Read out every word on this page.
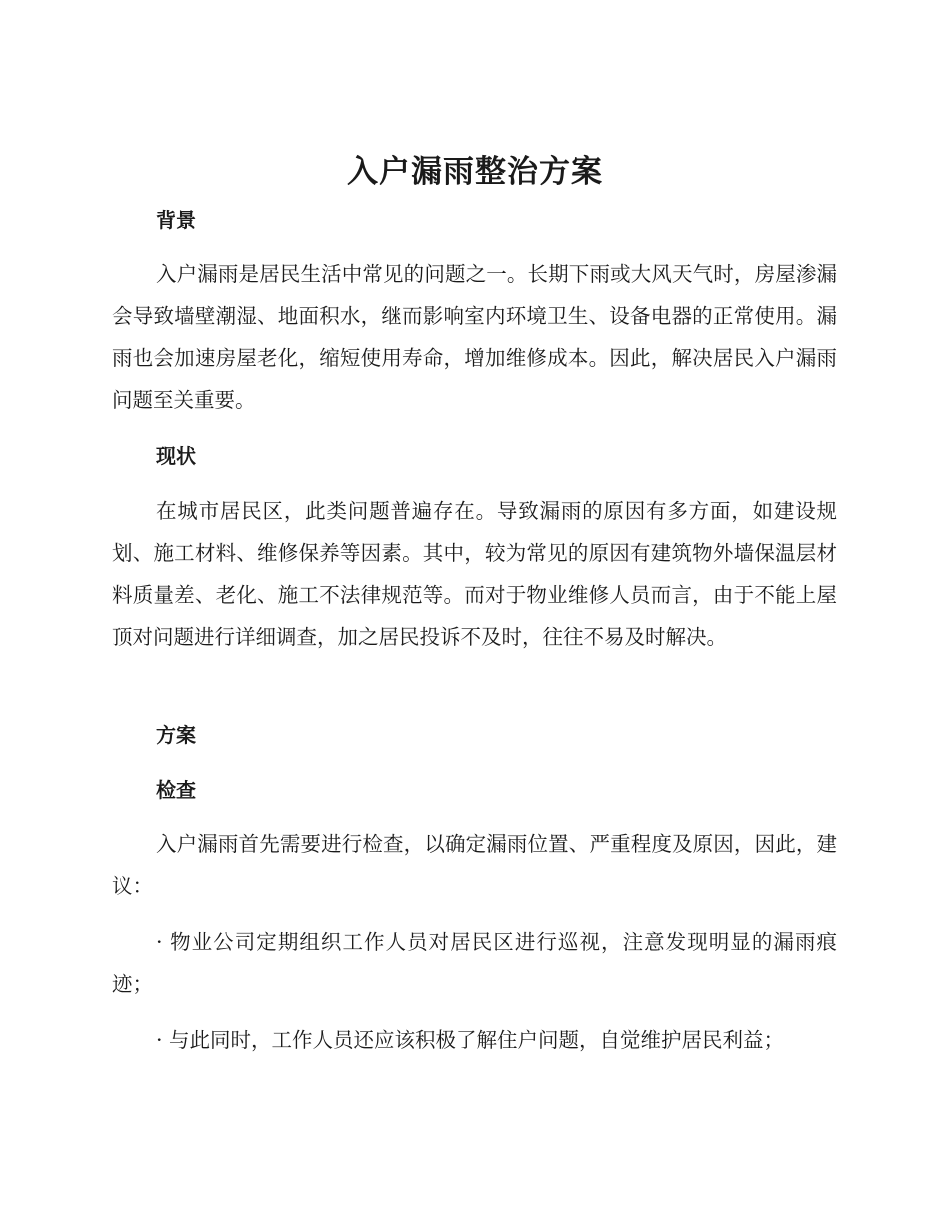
入户漏雨整治方案
背景

入户漏雨是居民生活中常见的问题之一。长期下雨或大风天气时，房屋渗漏会导致墙壁潮湿、地面积水，继而影响室内环境卫生、设备电器的正常使用。漏雨也会加速房屋老化，缩短使用寿命，增加维修成本。因此，解决居民入户漏雨问题至关重要。

现状

在城市居民区，此类问题普遍存在。导致漏雨的原因有多方面，如建设规划、施工材料、维修保养等因素。其中，较为常见的原因有建筑物外墙保温层材料质量差、老化、施工不法律规范等。而对于物业维修人员而言，由于不能上屋顶对问题进行详细调查，加之居民投诉不及时，往往不易及时解决。

方案
检查

入户漏雨首先需要进行检查，以确定漏雨位置、严重程度及原因，因此，建议：

· 物业公司定期组织工作人员对居民区进行巡视，注意发现明显的漏雨痕迹；

· 与此同时，工作人员还应该积极了解住户问题，自觉维护居民利益；
